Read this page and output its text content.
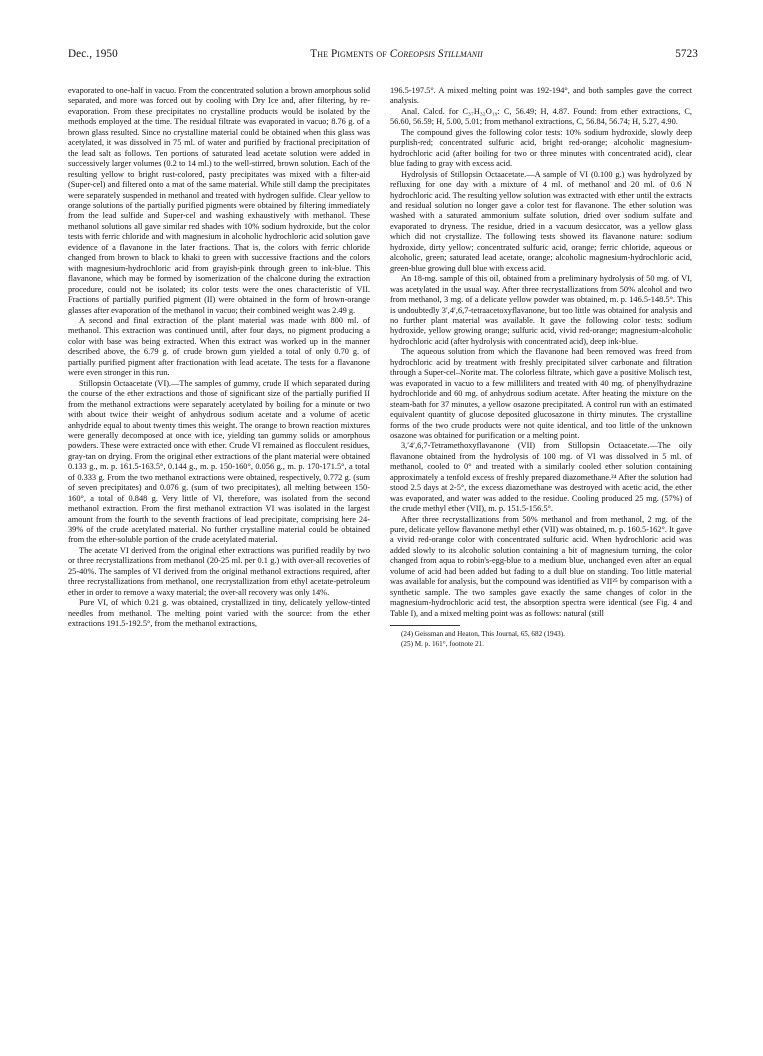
Dec., 1950	The Pigments of Coreopsis Stillmanii	5723

evaporated to one-half in vacuo. From the concentrated solution a brown amorphous solid separated, and more was forced out by cooling with Dry Ice and, after filtering, by re-evaporation. From these precipitates no crystalline products would be isolated by the methods employed at the time. The residual filtrate was evaporated in vacuo; 8.76 g. of a brown glass resulted. Since no crystalline material could be obtained when this glass was acetylated, it was dissolved in 75 ml. of water and purified by fractional precipitation of the lead salt as follows. Ten portions of saturated lead acetate solution were added in successively larger volumes (0.2 to 14 ml.) to the well-stirred, brown solution. Each of the resulting yellow to bright rust-colored, pasty precipitates was mixed with a filter-aid (Super-cel) and filtered onto a mat of the same material. While still damp the precipitates were separately suspended in methanol and treated with hydrogen sulfide. Clear yellow to orange solutions of the partially purified pigments were obtained by filtering immediately from the lead sulfide and Super-cel and washing exhaustively with methanol. These methanol solutions all gave similar red shades with 10% sodium hydroxide, but the color tests with ferric chloride and with magnesium in alcoholic hydrochloric acid solution gave evidence of a flavanone in the later fractions. That is, the colors with ferric chloride changed from brown to black to khaki to green with successive fractions and the colors with magnesium-hydrochloric acid from grayish-pink through green to ink-blue. This flavanone, which may be formed by isomerization of the chalcone during the extraction procedure, could not be isolated; its color tests were the ones characteristic of VII. Fractions of partially purified pigment (II) were obtained in the form of brown-orange glasses after evaporation of the methanol in vacuo; their combined weight was 2.49 g.

A second and final extraction of the plant material was made with 800 ml. of methanol. This extraction was continued until, after four days, no pigment producing a color with base was being extracted. When this extract was worked up in the manner described above, the 6.79 g. of crude brown gum yielded a total of only 0.70 g. of partially purified pigment after fractionation with lead acetate. The tests for a flavanone were even stronger in this run.

Stillopsin Octaacetate (VI).—The samples of gummy, crude II which separated during the course of the ether extractions and those of significant size of the partially purified II from the methanol extractions were separately acetylated by boiling for a minute or two with about twice their weight of anhydrous sodium acetate and a volume of acetic anhydride equal to about twenty times this weight. The orange to brown reaction mixtures were generally decomposed at once with ice, yielding tan gummy solids or amorphous powders. These were extracted once with ether. Crude VI remained as flocculent residues, gray-tan on drying. From the original ether extractions of the plant material were obtained 0.133 g., m. p. 161.5-163.5°, 0.144 g., m. p. 150-160°, 0.056 g., m. p. 170-171.5°, a total of 0.333 g. From the two methanol extractions were obtained, respectively, 0.772 g. (sum of seven precipitates) and 0.076 g. (sum of two precipitates), all melting between 150-160°, a total of 0.848 g. Very little of VI, therefore, was isolated from the second methanol extraction. From the first methanol extraction VI was isolated in the largest amount from the fourth to the seventh fractions of lead precipitate, comprising here 24-39% of the crude acetylated material. No further crystalline material could be obtained from the ether-soluble portion of the crude acetylated material.

The acetate VI derived from the original ether extractions was purified readily by two or three recrystallizations from methanol (20-25 ml. per 0.1 g.) with over-all recoveries of 25-40%. The samples of VI derived from the original methanol extractions required, after three recrystallizations from methanol, one recrystallization from ethyl acetate-petroleum ether in order to remove a waxy material; the over-all recovery was only 14%.

Pure VI, of which 0.21 g. was obtained, crystallized in tiny, delicately yellow-tinted needles from methanol. The melting point varied with the source: from the ether extractions 191.5-192.5°, from the methanol extractions,

196.5-197.5°. A mixed melting point was 192-194°, and both samples gave the correct analysis.

Anal. Calcd. for C₃₇H₃₂O₁₉: C, 56.49; H, 4.87. Found: from ether extractions, C, 56.60, 56.59; H, 5.00, 5.01; from methanol extractions, C, 56.84, 56.74; H, 5.27, 4.90.

The compound gives the following color tests: 10% sodium hydroxide, slowly deep purplish-red; concentrated sulfuric acid, bright red-orange; alcoholic magnesium-hydrochloric acid (after boiling for two or three minutes with concentrated acid), clear blue fading to gray with excess acid.

Hydrolysis of Stillopsin Octaacetate.—A sample of VI (0.100 g.) was hydrolyzed by refluxing for one day with a mixture of 4 ml. of methanol and 20 ml. of 0.6 N hydrochloric acid. The resulting yellow solution was extracted with ether until the extracts and residual solution no longer gave a color test for flavanone. The ether solution was washed with a saturated ammonium sulfate solution, dried over sodium sulfate and evaporated to dryness. The residue, dried in a vacuum desiccator, was a yellow glass which did not crystallize. The following tests showed its flavanone nature: sodium hydroxide, dirty yellow; concentrated sulfuric acid, orange; ferric chloride, aqueous or alcoholic, green; saturated lead acetate, orange; alcoholic magnesium-hydrochloric acid, green-blue growing dull blue with excess acid.

An 18-mg. sample of this oil, obtained from a preliminary hydrolysis of 50 mg. of VI, was acetylated in the usual way. After three recrystallizations from 50% alcohol and two from methanol, 3 mg. of a delicate yellow powder was obtained, m. p. 146.5-148.5°. This is undoubtedly 3′,4′,6,7-tetraacetoxyflavanone, but too little was obtained for analysis and no further plant material was available. It gave the following color tests: sodium hydroxide, yellow growing orange; sulfuric acid, vivid red-orange; magnesium-alcoholic hydrochloric acid (after hydrolysis with concentrated acid), deep ink-blue.

The aqueous solution from which the flavanone had been removed was freed from hydrochloric acid by treatment with freshly precipitated silver carbonate and filtration through a Super-cel–Norite mat. The colorless filtrate, which gave a positive Molisch test, was evaporated in vacuo to a few milliliters and treated with 40 mg. of phenylhydrazine hydrochloride and 60 mg. of anhydrous sodium acetate. After heating the mixture on the steam-bath for 37 minutes, a yellow osazone precipitated. A control run with an estimated equivalent quantity of glucose deposited glucosazone in thirty minutes. The crystalline forms of the two crude products were not quite identical, and too little of the unknown osazone was obtained for purification or a melting point.

3,′4′,6,7-Tetramethoxyflavanone (VII) from Stillopsin Octaacetate.—The oily flavanone obtained from the hydrolysis of 100 mg. of VI was dissolved in 5 ml. of methanol, cooled to 0° and treated with a similarly cooled ether solution containing approximately a tenfold excess of freshly prepared diazomethane.²⁴ After the solution had stood 2.5 days at 2-5°, the excess diazomethane was destroyed with acetic acid, the ether was evaporated, and water was added to the residue. Cooling produced 25 mg. (57%) of the crude methyl ether (VII), m. p. 151.5-156.5°.

After three recrystallizations from 50% methanol and from methanol, 2 mg. of the pure, delicate yellow flavanone methyl ether (VII) was obtained, m. p. 160.5-162°. It gave a vivid red-orange color with concentrated sulfuric acid. When hydrochloric acid was added slowly to its alcoholic solution containing a bit of magnesium turning, the color changed from aqua to robin's-egg-blue to a medium blue, unchanged even after an equal volume of acid had been added but fading to a dull blue on standing. Too little material was available for analysis, but the compound was identified as VII²⁵ by comparison with a synthetic sample. The two samples gave exactly the same changes of color in the magnesium-hydrochloric acid test, the absorption spectra were identical (see Fig. 4 and Table I), and a mixed melting point was as follows: natural (still

(24) Geissman and Heaton, This Journal, 65, 682 (1943).

(25) M. p. 161°, footnote 21.
